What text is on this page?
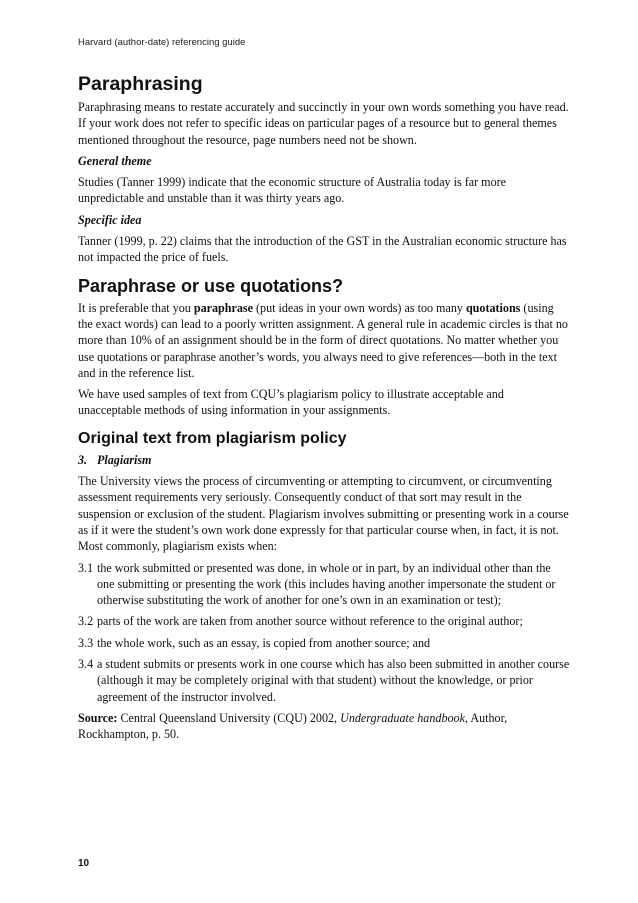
Harvard (author-date) referencing guide
Paraphrasing

Paraphrasing means to restate accurately and succinctly in your own words something you have read. If your work does not refer to specific ideas on particular pages of a resource but to general themes mentioned throughout the resource, page numbers need not be shown.

General theme

Studies (Tanner 1999) indicate that the economic structure of Australia today is far more unpredictable and unstable than it was thirty years ago.

Specific idea

Tanner (1999, p. 22) claims that the introduction of the GST in the Australian economic structure has not impacted the price of fuels.

Paraphrase or use quotations?

It is preferable that you paraphrase (put ideas in your own words) as too many quotations (using the exact words) can lead to a poorly written assignment. A general rule in academic circles is that no more than 10% of an assignment should be in the form of direct quotations. No matter whether you use quotations or paraphrase another’s words, you always need to give references—both in the text and in the reference list.

We have used samples of text from CQU’s plagiarism policy to illustrate acceptable and unacceptable methods of using information in your assignments.

Original text from plagiarism policy

3. Plagiarism

The University views the process of circumventing or attempting to circumvent, or circumventing assessment requirements very seriously. Consequently conduct of that sort may result in the suspension or exclusion of the student. Plagiarism involves submitting or presenting work in a course as if it were the student’s own work done expressly for that particular course when, in fact, it is not. Most commonly, plagiarism exists when:

3.1 the work submitted or presented was done, in whole or in part, by an individual other than the one submitting or presenting the work (this includes having another impersonate the student or otherwise substituting the work of another for one’s own in an examination or test);
3.2 parts of the work are taken from another source without reference to the original author;
3.3 the whole work, such as an essay, is copied from another source; and
3.4 a student submits or presents work in one course which has also been submitted in another course (although it may be completely original with that student) without the knowledge, or prior agreement of the instructor involved.

Source: Central Queensland University (CQU) 2002, Undergraduate handbook, Author, Rockhampton, p. 50.

10
